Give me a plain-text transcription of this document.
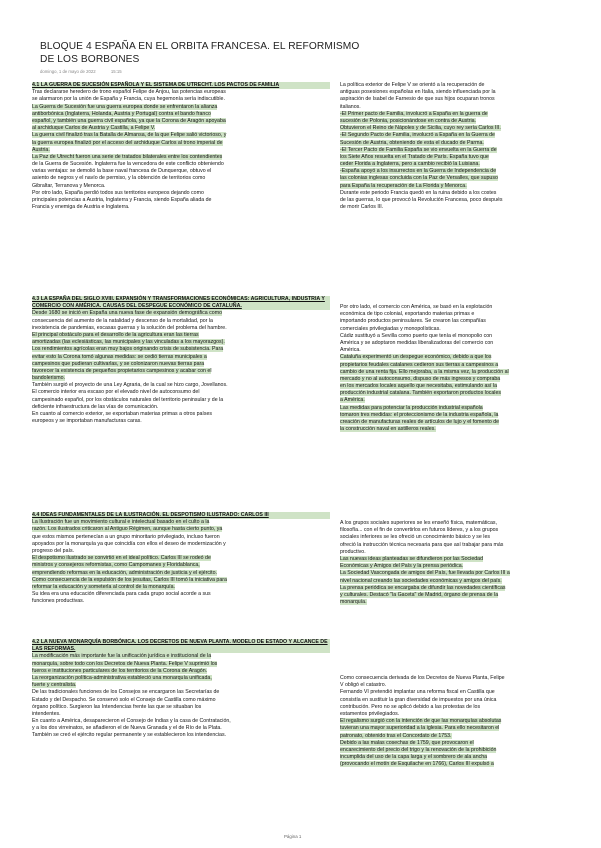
BLOQUE 4 ESPAÑA EN EL ORBITA FRANCESA. EL REFORMISMO DE LOS BORBONES
domingo, 1 de mayo de 2022	15:15

4.1 LA GUERRA DE SUCESIÓN ESPAÑOLA Y EL SISTEMA DE UTRECHT. LOS PACTOS DE FAMILIA

Tras declararse heredero de trono español Felipe de Anjou, las potencias europeas

se alarmaron por la unión de España y Francia, cuya hegemonía sería indiscutible.

La Guerra de Sucesión fue una guerra europea donde se enfrentaron la alianza

antiborbónica (Inglaterra, Holanda, Austria y Portugal) contra el bando franco

español, y también una guerra civil española, ya que la Corona de Aragón apoyaba

al archiduque Carlos de Austria y Castilla, a Felipe V.

La guerra civil finalizó tras la Batalla de Almansa, de la que Felipe salió victorioso, y

la guerra europea finalizó por el acceso del archiduque Carlos al trono imperial de

Austria.

La Paz de Utrecht fueron una serie de tratados bilaterales entre los contendientes

de la Guerra de Sucesión. Inglaterra fue la vencedora de este conflicto obteniendo

varias ventajas: se demolió la base naval francesa de Dunquerque, obtuvo el

asiento de negros y el navío de permiso, y la obtención de territorios como

Gibraltar, Terranova y Menorca.

Por otro lado, España perdió todos sus territorios europeos dejando como

principales potencias a Austria, Inglaterra y Francia, siendo España aliada de

Francia y enemiga de Austria e Inglaterra.

La política exterior de Felipe V se orientó a la recuperación de

antiguas posesiones españolas en Italia, siendo influenciada por la

aspiración de Isabel de Farnesio de que sus hijos ocuparan tronos

italianos.

-El Primer pacto de Familia, involucró a España en la guerra de

sucesión de Polonia, posicionándose en contra de Austria.

Obtuvieron el Reino de Nápoles y de Sicilia, cuyo rey sería Carlos III.

-El Segundo Pacto de Familia, involucró a España en la Guerra de

Sucesión de Austria, obteniendo de esta el ducado de Parma.

-El Tercer Pacto de Familia España se vio envuelta en la Guerra de

los Siete Años resuelta en el Tratado de París. España tuvo que

ceder Florida a Inglaterra, pero a cambio recibió la Luisiana.

-España apoyó a los insurrectos en la Guerra de Independencia de

las colonias inglesas concluida con la Paz de Versalles, que supuso

para España la recuperación de La Florida y Menorca.

Durante este periodo Francia quedó en la ruina debido a los costes

de las guerras, lo que provocó la Revolución Francesa, poco después

de morir Carlos III.

4.3 LA ESPAÑA DEL SIGLO XVIII. EXPANSIÓN Y TRANSFORMACIONES ECONÓMICAS: AGRICULTURA, INDUSTRIA Y COMERCIO CON AMÉRICA. CAUSAS DEL DESPEGUE ECONÓMICO DE CATALUÑA.

Desde 1680 se inició en España una nueva fase de expansión demográfica como

consecuencia del aumento de la natalidad y descenso de la mortalidad, por la

inexistencia de pandemias, escasas guerras y la solución del problema del hambre.

El principal obstáculo para el desarrollo de la agricultura eran las tierras

amortizadas (las eclesiásticas, las municipales y las vinculadas a los mayorazgos).

Los rendimientos agrícolas eran muy bajos originando crisis de subsistencia. Para

evitar esto la Corona tomó algunas medidas: se cedió tierras municipales a

campesinos que pudieran cultivarlas, y se colonizaron nuevas tierras para

favorecer la existencia de pequeños propietarios campesinos y acabar con el

bandolerismo.

También surgió el proyecto de una Ley Agraria, de la cual se hizo cargo, Jovellanos.

El comercio interior era escaso por el elevado nivel de autoconsumo del

campesinado español, por los obstáculos naturales del territorio peninsular y de la

deficiente infraestructura de las vías de comunicación.

En cuanto al comercio exterior, se exportaban materias primas a otros países

europeos y se importaban manufacturas caras.

Por otro lado, el comercio con América, se basó en la explotación

económica de tipo colonial, exportando materias primas e

importando productos peninsulares. Se crearon las compañías

comerciales privilegiadas y monopolísticas.

Cádiz sustituyó a Sevilla como puerto que tenía el monopolio con

América y se adoptaron medidas liberalizadoras del comercio con

América.

Cataluña experimentó un despegue económico, debido a que los

propietarios feudales catalanes cedieron sus tierras a campesinos a

cambio de una renta fija. Ello mejoraba, a la misma vez, la producción al

mercado y no al autoconsumo, dispuso de más ingresos y compraba

en los mercados locales aquello que necesitaba, estimulando así la

producción industrial catalana. También exportaron productos locales

a América.

Las medidas para potenciar la producción industrial española

tomaron tres medidas: el proteccionismo de la industria española, la

creación de manufacturas reales de artículos de lujo y el fomento de

la construcción naval en astilleros reales.

4.4 IDEAS FUNDAMENTALES DE LA ILUSTRACIÓN. EL DESPOTISMO ILUSTRADO: CARLOS III

La Ilustración fue un movimiento cultural e intelectual basado en el culto a la

razón. Los ilustrados criticaron al Antiguo Régimen, aunque hasta cierto punto, ya

que estos mismos pertenecían a un grupo minoritario privilegiado, incluso fueron

apoyados por la monarquía ya que coincidía con ellos el deseo de modernización y

progreso del país.

El despotismo ilustrado se convirtió en el ideal político. Carlos III se rodeó de

ministros y consejeros reformistas, como Campomanes y Floridablanca,

emprendiendo reformas en la educación, administración de justicia y el ejército.

Como consecuencia de la expulsión de los jesuitas, Carlos III tomó la iniciativa para

reformar la educación y someterla al control de la monarquía.

Su idea era una educación diferenciada para cada grupo social acorde a sus

funciones productivas.

A los grupos sociales superiores se les enseñó física, matemáticas,

filosofía... con el fin de convertirlos en futuros líderes, y a los grupos

sociales inferiores se les ofreció un conocimiento básico y se les

ofreció la instrucción técnica necesaria para que así trabajar para más

productivo.

Las nuevas ideas planteadas se difundieron por las Sociedad

Económicas y Amigos del País y la prensa periódica.

La Sociedad Vascongada de amigos del País, fue llevada por Carlos III a

nivel nacional creando las sociedades económicas y amigos del país.

La prensa periódica se encargaba de difundir las novedades científicas

y culturales. Destacó "la Gaceta" de Madrid, órgano de prensa de la

monarquía.

4.2 LA NUEVA MONARQUÍA BORBÓNICA. LOS DECRETOS DE NUEVA PLANTA. MODELO DE ESTADO Y ALCANCE DE LAS REFORMAS.

La modificación más importante fue la unificación jurídica e institucional de la

monarquía, sobre todo con los Decretos de Nueva Planta. Felipe V suprimió los

fueros e instituciones particulares de los territorios de la Corona de Aragón.

La reorganización política-administrativa estableció una monarquía unificada,

fuerte y centralista.

De las tradicionales funciones de los Consejos se encargaron las Secretarías de

Estado y del Despacho. Se conservó solo el Consejo de Castilla como máximo

órgano político. Surgieron las Intendencias frente las que se situaban los

intendentes.

En cuanto a América, desaparecieron el Consejo de Indias y la casa de Contratación,

y a los dos virreinatos, se añadieron el de Nueva Granada y el de Río de la Plata.

También se creó el ejército regular permanente y se establecieron los intendencias.

Como consecuencia derivada de los Decretos de Nueva Planta, Felipe

V obligó el catastro.

Fernando VI pretendió implantar una reforma fiscal en Castilla que

consistía en sustituir la gran diversidad de impuestos por una única

contribución. Pero no se aplicó debido a las protestas de los

estamentos privilegiados.

El regalismo surgió con la intención de que las monarquías absolutas

tuvieran una mayor superioridad a la iglesia. Para ello necesitaron el

patronato, obtenido tras el Concordato de 1753.

Debido a las malas cosechas de 1759, que provocaron el

encarecimiento del precio del trigo y la renovación de la prohibición

incumplida del uso de la capa larga y el sombrero de ala ancha

(provocando el motín de Esquilache en 1766), Carlos III expulsó a

Página 1
